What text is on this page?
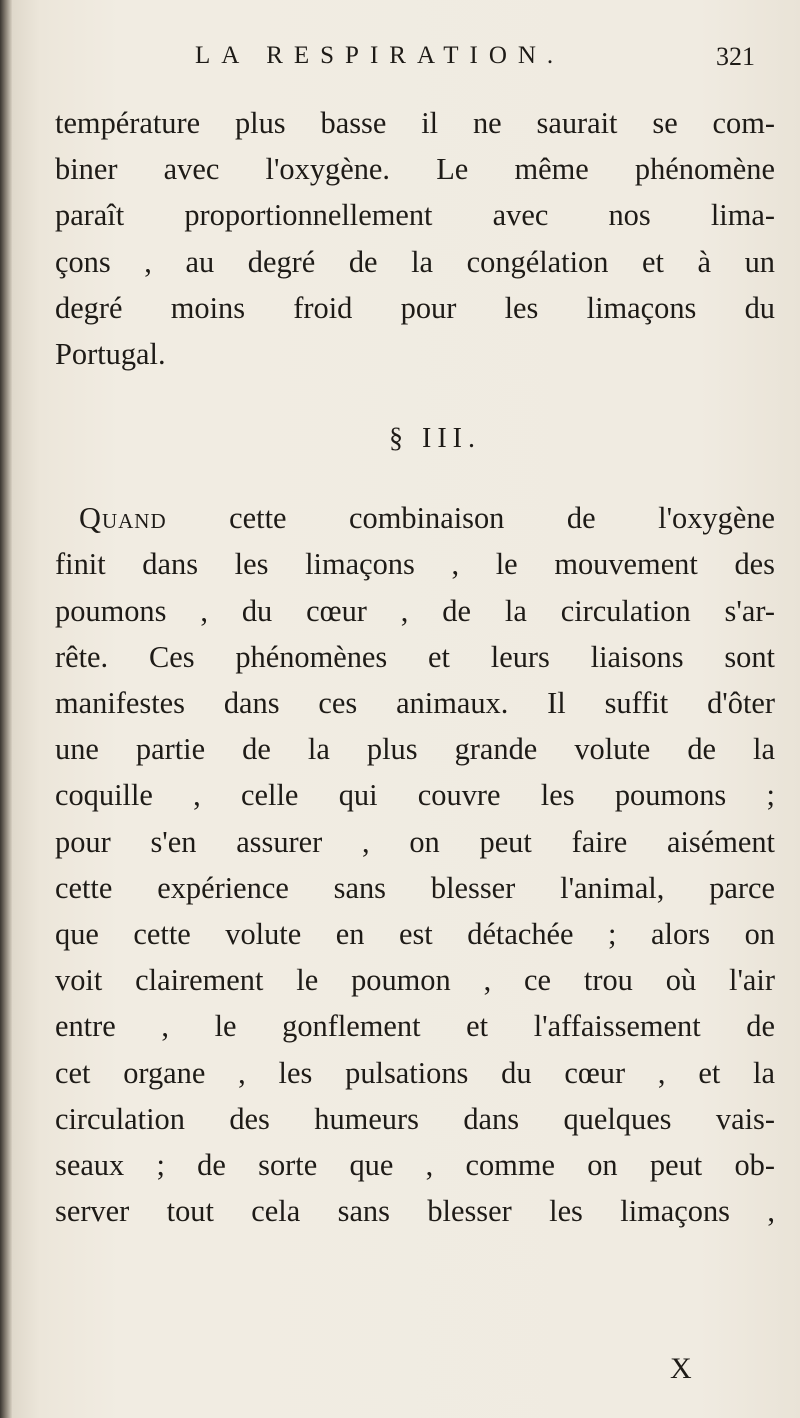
LA RESPIRATION.	321

température plus basse il ne saurait se com-
biner avec l'oxygène. Le même phénomène
paraît proportionnellement avec nos lima-
çons , au degré de la congélation et à un
degré moins froid pour les limaçons du
Portugal.

§ III.

Quand cette combinaison de l'oxygène
finit dans les limaçons , le mouvement des
poumons , du cœur , de la circulation s'ar-
rête. Ces phénomènes et leurs liaisons sont
manifestes dans ces animaux. Il suffit d'ôter
une partie de la plus grande volute de la
coquille , celle qui couvre les poumons ;
pour s'en assurer , on peut faire aisément
cette expérience sans blesser l'animal, parce
que cette volute en est détachée ; alors on
voit clairement le poumon , ce trou où l'air
entre , le gonflement et l'affaissement de
cet organe , les pulsations du cœur , et la
circulation des humeurs dans quelques vais-
seaux ; de sorte que , comme on peut ob-
server tout cela sans blesser les limaçons ,

X
